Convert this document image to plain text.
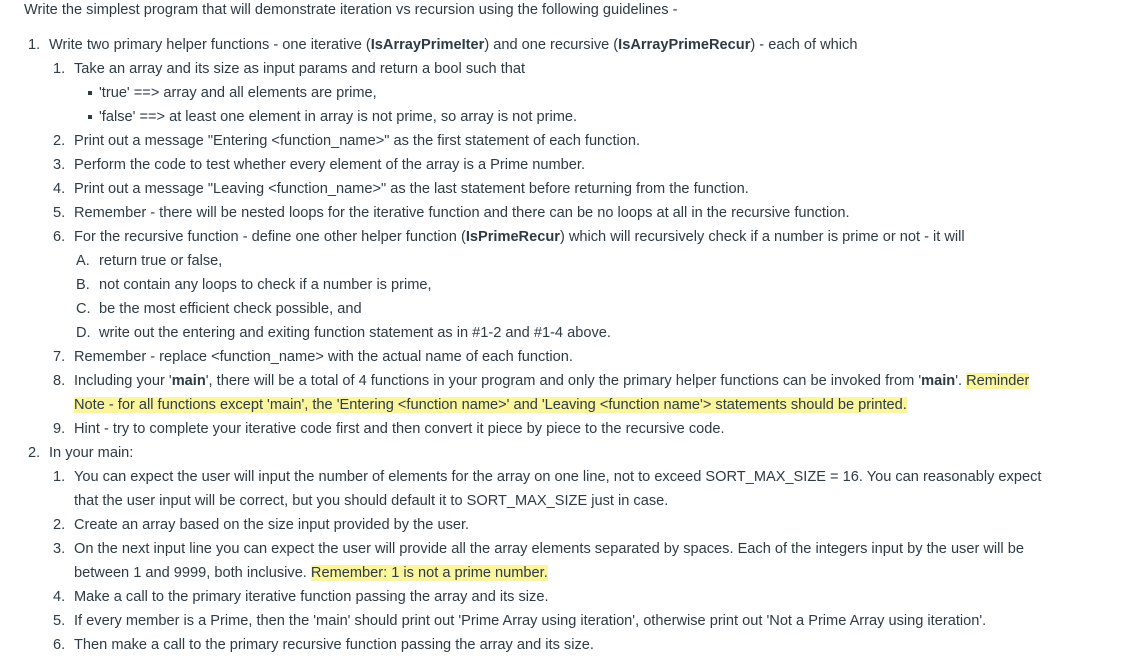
Write the simplest program that will demonstrate iteration vs recursion using the following guidelines -
1. Write two primary helper functions - one iterative (IsArrayPrimeIter) and one recursive (IsArrayPrimeRecur) - each of which
1. Take an array and its size as input params and return a bool such that
'true' ==> array and all elements are prime,
'false' ==> at least one element in array is not prime, so array is not prime.
2. Print out a message "Entering <function_name>" as the first statement of each function.
3. Perform the code to test whether every element of the array is a Prime number.
4. Print out a message "Leaving <function_name>" as the last statement before returning from the function.
5. Remember - there will be nested loops for the iterative function and there can be no loops at all in the recursive function.
6. For the recursive function - define one other helper function (IsPrimeRecur) which will recursively check if a number is prime or not - it will
A. return true or false,
B. not contain any loops to check if a number is prime,
C. be the most efficient check possible, and
D. write out the entering and exiting function statement as in #1-2 and #1-4 above.
7. Remember - replace <function_name> with the actual name of each function.
8. Including your 'main', there will be a total of 4 functions in your program and only the primary helper functions can be invoked from 'main'. Reminder
Note - for all functions except 'main', the 'Entering <function name>' and 'Leaving <function name'> statements should be printed.
9. Hint - try to complete your iterative code first and then convert it piece by piece to the recursive code.
2. In your main:
1. You can expect the user will input the number of elements for the array on one line, not to exceed SORT_MAX_SIZE = 16. You can reasonably expect
that the user input will be correct, but you should default it to SORT_MAX_SIZE just in case.
2. Create an array based on the size input provided by the user.
3. On the next input line you can expect the user will provide all the array elements separated by spaces. Each of the integers input by the user will be
between 1 and 9999, both inclusive. Remember: 1 is not a prime number.
4. Make a call to the primary iterative function passing the array and its size.
5. If every member is a Prime, then the 'main' should print out 'Prime Array using iteration', otherwise print out 'Not a Prime Array using iteration'.
6. Then make a call to the primary recursive function passing the array and its size.
